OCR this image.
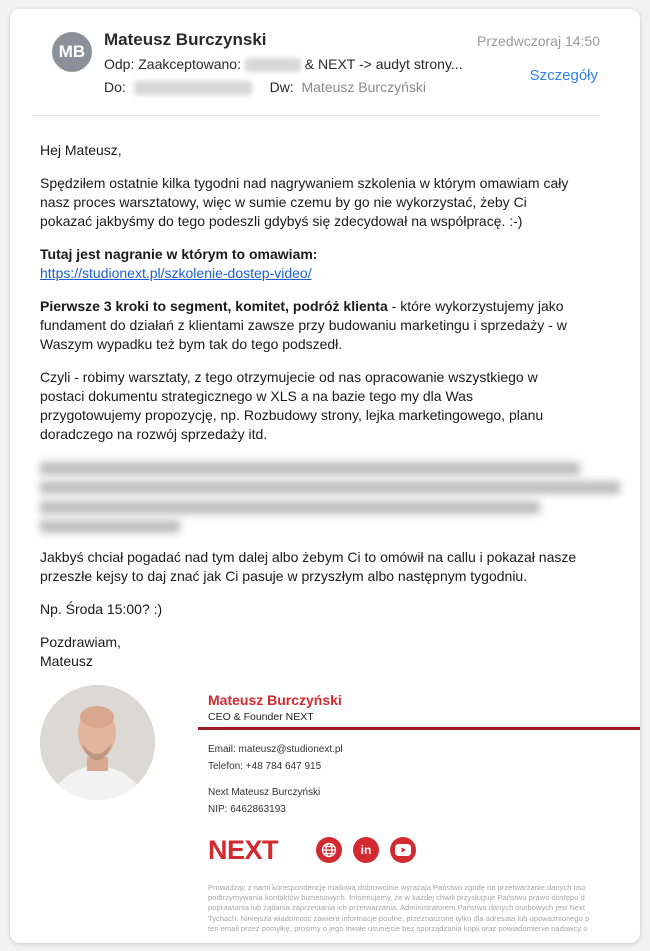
MB
Mateusz Burczynski	Przedwczoraj 14:50
Odp: Zaakceptowano:	& NEXT -> audyt strony...
Do:	Dw: Mateusz Burczyński
Szczegóły

Hej Mateusz,

Spędziłem ostatnie kilka tygodni nad nagrywaniem szkolenia w którym omawiam cały
nasz proces warsztatowy, więc w sumie czemu by go nie wykorzystać, żeby Ci
pokazać jakbyśmy do tego podeszli gdybyś się zdecydował na współpracę. :-)

Tutaj jest nagranie w którym to omawiam:
https://studionext.pl/szkolenie-dostep-video/

Pierwsze 3 kroki to segment, komitet, podróż klienta - które wykorzystujemy jako
fundament do działań z klientami zawsze przy budowaniu marketingu i sprzedaży - w
Waszym wypadku też bym tak do tego podszedł.

Czyli - robimy warsztaty, z tego otrzymujecie od nas opracowanie wszystkiego w
postaci dokumentu strategicznego w XLS a na bazie tego my dla Was
przygotowujemy propozycję, np. Rozbudowy strony, lejka marketingowego, planu
doradczego na rozwój sprzedaży itd.

Jakbyś chciał pogadać nad tym dalej albo żebym Ci to omówił na callu i pokazał nasze
przeszłe kejsy to daj znać jak Ci pasuje w przyszłym albo następnym tygodniu.

Np. Środa 15:00? :)

Pozdrawiam,
Mateusz

Mateusz Burczyński
CEO & Founder NEXT
Email: mateusz@studionext.pl
Telefon: +48 784 647 915
Next Mateusz Burczyński
NIP: 6462863193
NEXT	in
Prowadząc z nami korespondencję mailową dobrowolnie wyrażają Państwo zgodę na przetwarzanie danych oso
podtrzymywania kontaktów biznesowych. Informujemy, że w każdej chwili przysługuje Państwu prawo dostępu d
poprawiania lub żądania zaprzestania ich przetwarzania. Administratorem Państwa danych osobowych jest Next
Tychach. Niniejsza wiadomość zawiera informacje poufne, przeznaczone tylko dla adresata lub upoważnionego p
ten email przez pomyłkę, prosimy o jego trwałe usunięcie bez sporządzania kopii oraz powiadomienie nadawcy o
